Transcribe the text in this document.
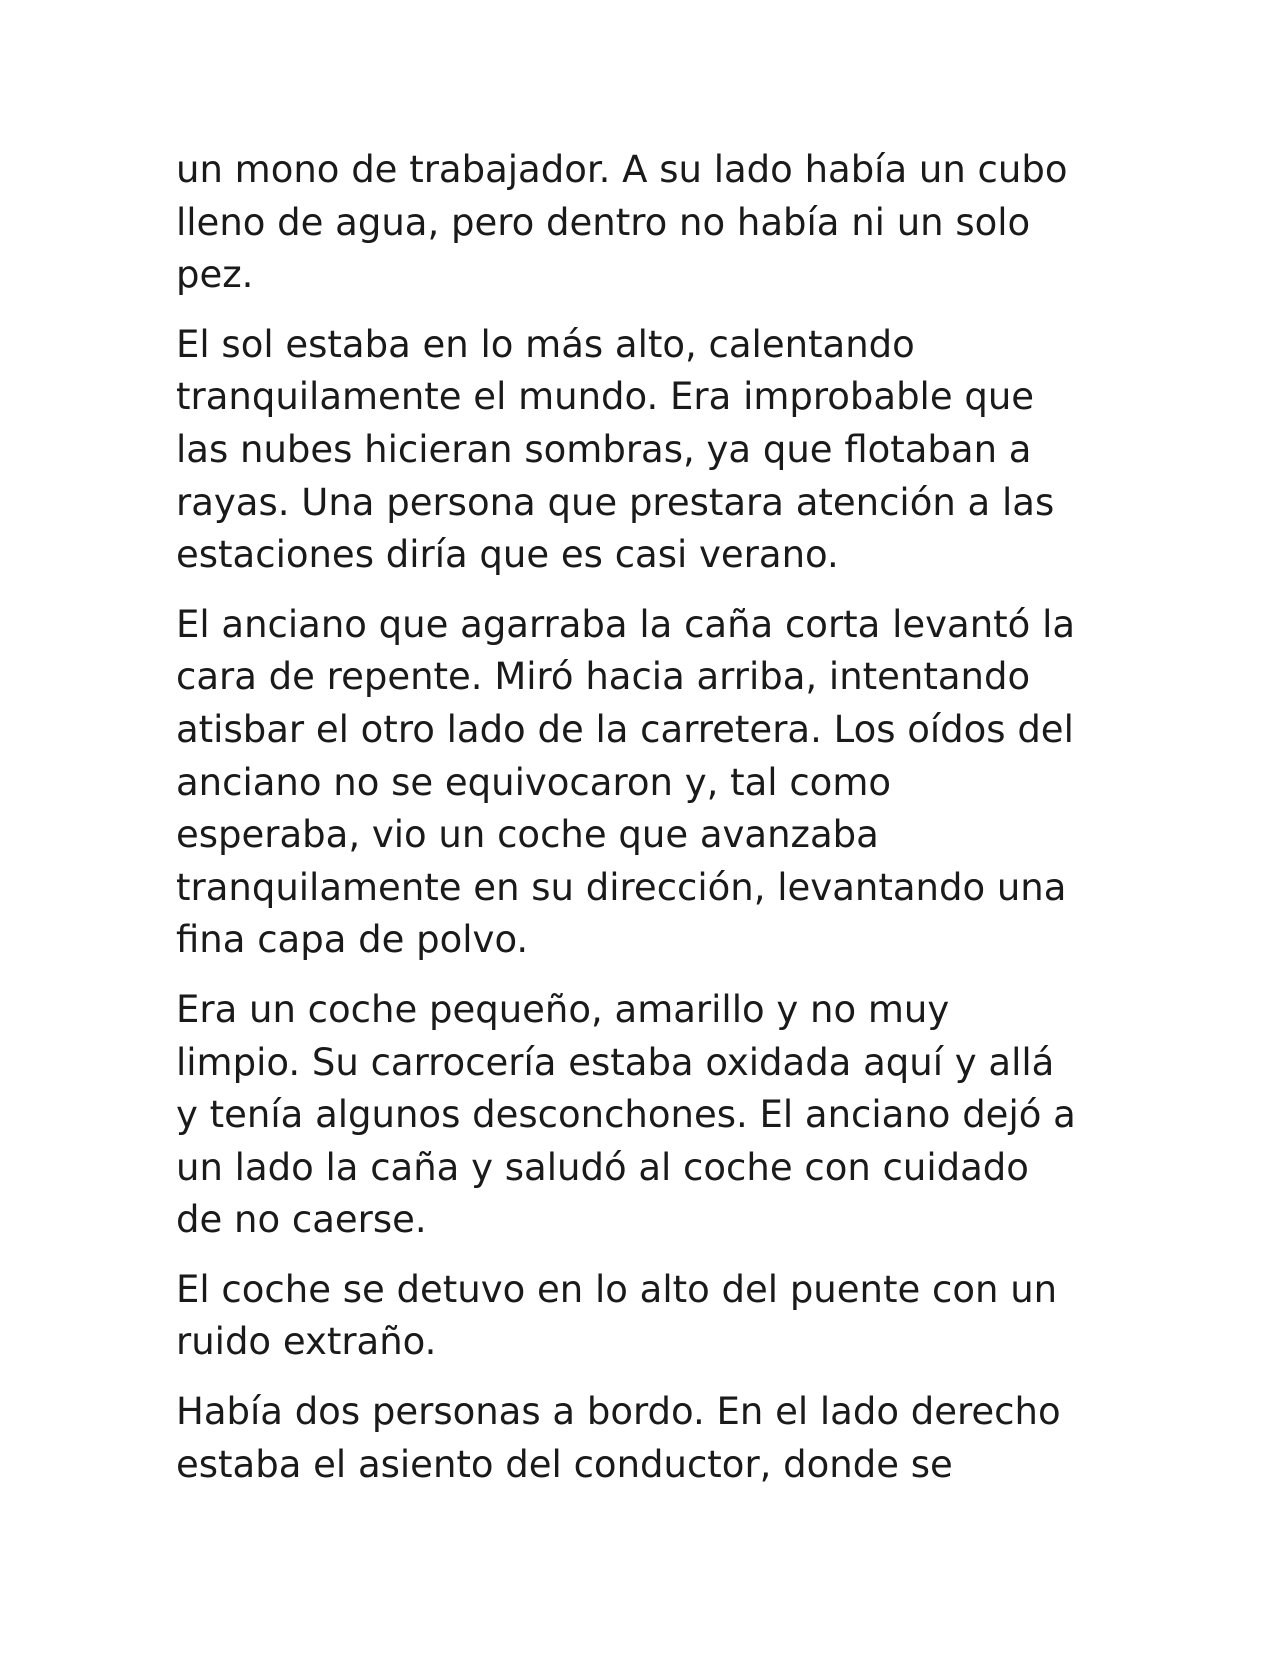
un mono de trabajador. A su lado había un cubo
lleno de agua, pero dentro no había ni un solo
pez.

El sol estaba en lo más alto, calentando
tranquilamente el mundo. Era improbable que
las nubes hicieran sombras, ya que flotaban a
rayas. Una persona que prestara atención a las
estaciones diría que es casi verano.

El anciano que agarraba la caña corta levantó la
cara de repente. Miró hacia arriba, intentando
atisbar el otro lado de la carretera. Los oídos del
anciano no se equivocaron y, tal como
esperaba, vio un coche que avanzaba
tranquilamente en su dirección, levantando una
fina capa de polvo.

Era un coche pequeño, amarillo y no muy
limpio. Su carrocería estaba oxidada aquí y allá
y tenía algunos desconchones. El anciano dejó a
un lado la caña y saludó al coche con cuidado
de no caerse.

El coche se detuvo en lo alto del puente con un
ruido extraño.

Había dos personas a bordo. En el lado derecho
estaba el asiento del conductor, donde se
